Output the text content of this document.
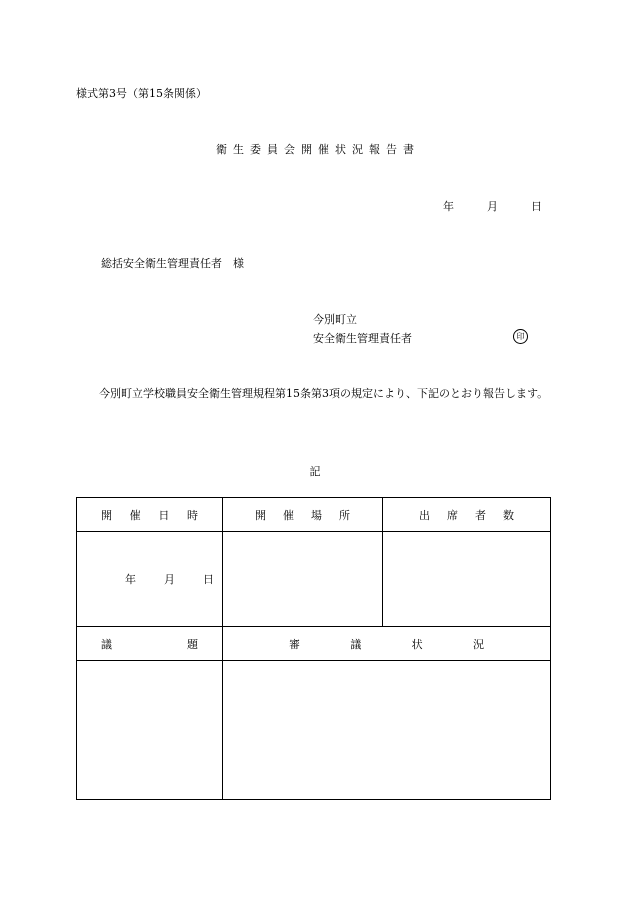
様式第3号（第15条関係）
衛生委員会開催状況報告書
年	月	日
総括安全衛生管理責任者　様
今別町立
安全衛生管理責任者	印
今別町立学校職員安全衛生管理規程第15条第3項の規定により、下記のとおり報告します。
記
開 催 日 時	開 催 場 所	出 席 者 数

年 月 日		

議 題	審 議 状 況	
